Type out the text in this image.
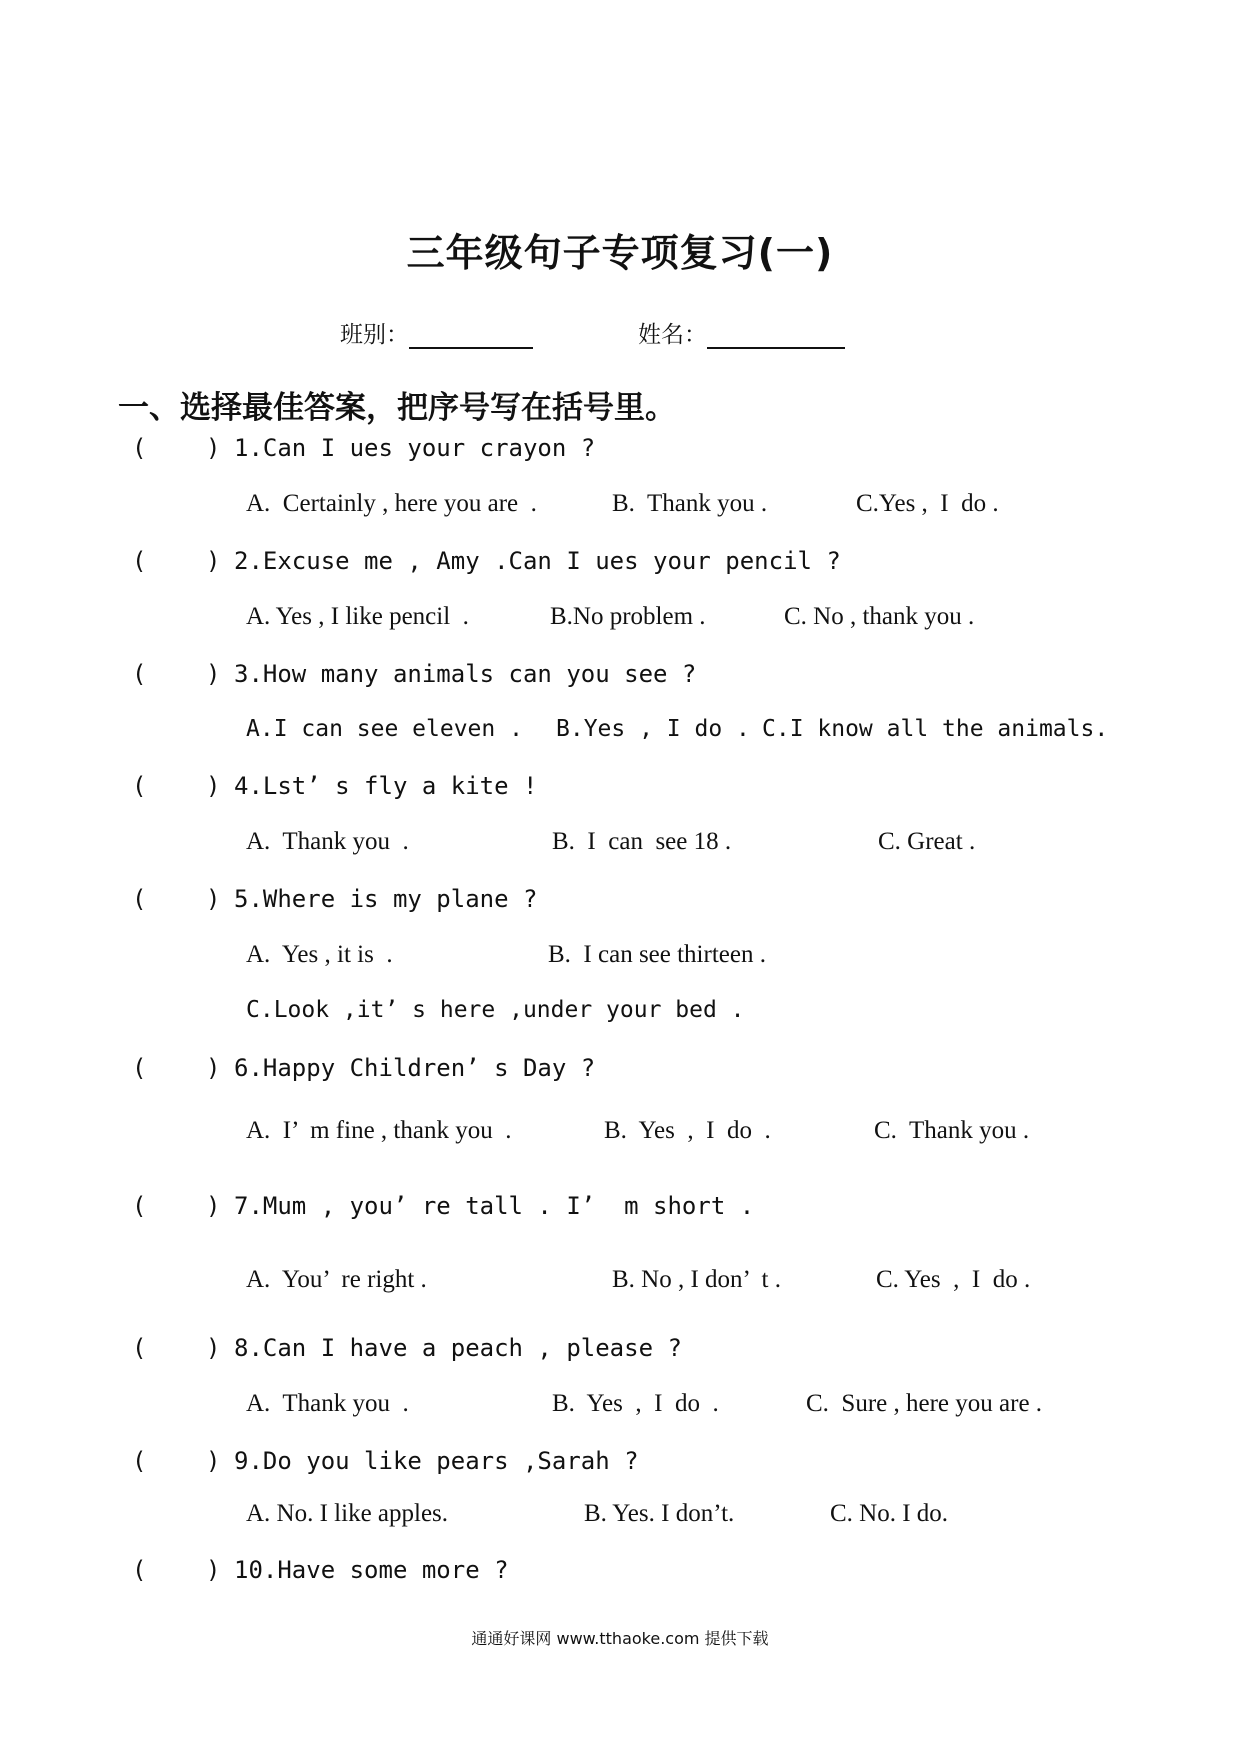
三年级句子专项复习(一)
班别：	姓名：
一、选择最佳答案，把序号写在括号里。
( ) 1.Can I ues your crayon ?
A.  Certainly , here you are  .	B.  Thank you .	C.Yes ,  I  do .
( ) 2.Excuse me , Amy .Can I ues your pencil ?
A. Yes , I like pencil  .	B.No problem .	C. No , thank you .
( ) 3.How many animals can you see ?
A.I can see eleven . B.Yes , I do . C.I know all the animals.
( ) 4.Lst’ s fly a kite !
A.  Thank you  .	B.  I  can  see 18 .	C. Great .
( ) 5.Where is my plane ?
A.  Yes , it is  .	B.  I can see thirteen .
C.Look ,it’ s here ,under your bed .
( ) 6.Happy Children’ s Day ?
A.  I’  m fine , thank you  .	B.  Yes  ,  I  do  .	C.  Thank you .
( ) 7.Mum , you’ re tall . I’  m short .
A.  You’  re right .	B. No , I don’  t .	C. Yes  ,  I  do .
( ) 8.Can I have a peach , please ?
A.  Thank you  .	B.  Yes  ,  I  do  .	C.  Sure , here you are .
( ) 9.Do you like pears ,Sarah ?
A. No. I like apples.	B. Yes. I don’t.	C. No. I do.
( ) 10.Have some more ?
通通好课网 www.tthaoke.com 提供下载
